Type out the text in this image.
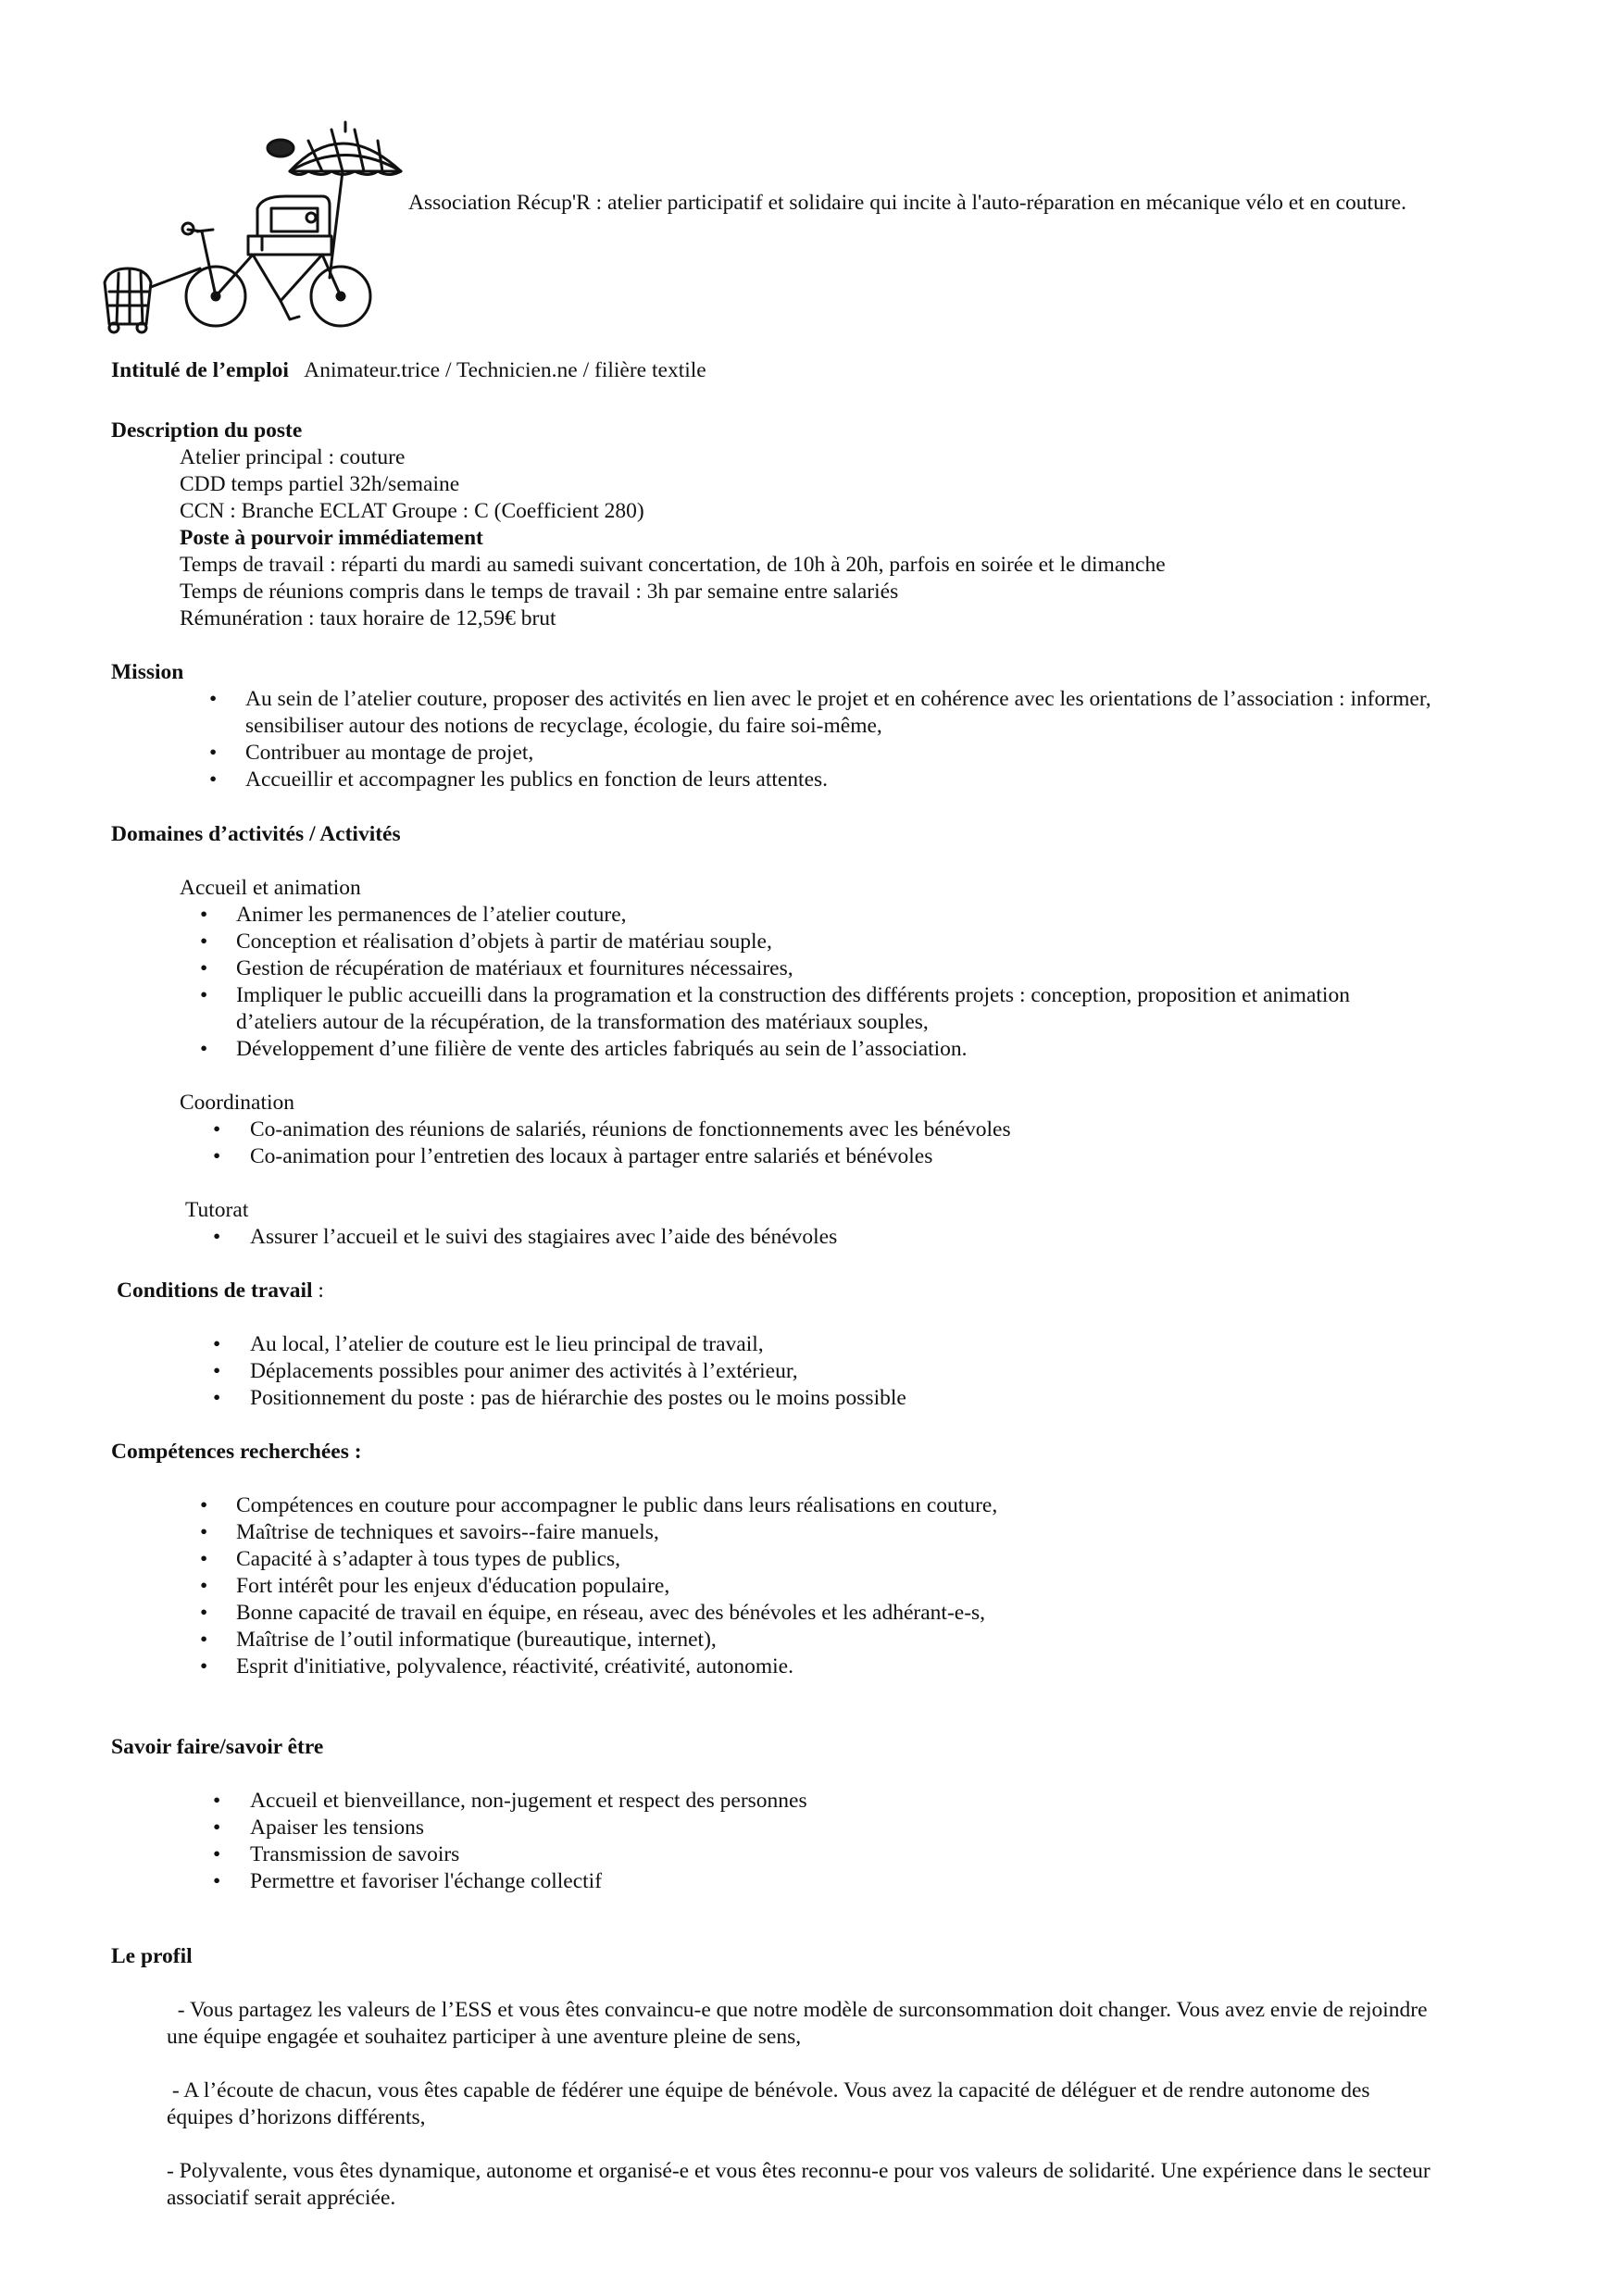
Association Récup'R : atelier participatif et solidaire qui incite à l'auto-réparation en mécanique vélo et en couture.
Intitulé de l’emploi Animateur.trice / Technicien.ne / filière textile
Description du poste
Atelier principal : couture
CDD temps partiel 32h/semaine
CCN : Branche ECLAT Groupe : C (Coefficient 280)
Poste à pourvoir immédiatement
Temps de travail : réparti du mardi au samedi suivant concertation, de 10h à 20h, parfois en soirée et le dimanche
Temps de réunions compris dans le temps de travail : 3h par semaine entre salariés
Rémunération : taux horaire de 12,59€ brut
Mission
• Au sein de l’atelier couture, proposer des activités en lien avec le projet et en cohérence avec les orientations de l’association : informer,
sensibiliser autour des notions de recyclage, écologie, du faire soi-même,
• Contribuer au montage de projet,
• Accueillir et accompagner les publics en fonction de leurs attentes.
Domaines d’activités / Activités
Accueil et animation
• Animer les permanences de l’atelier couture,
• Conception et réalisation d’objets à partir de matériau souple,
• Gestion de récupération de matériaux et fournitures nécessaires,
• Impliquer le public accueilli dans la programation et la construction des différents projets : conception, proposition et animation
d’ateliers autour de la récupération, de la transformation des matériaux souples,
• Développement d’une filière de vente des articles fabriqués au sein de l’association.
Coordination
• Co-animation des réunions de salariés, réunions de fonctionnements avec les bénévoles
• Co-animation pour l’entretien des locaux à partager entre salariés et bénévoles
Tutorat
• Assurer l’accueil et le suivi des stagiaires avec l’aide des bénévoles
Conditions de travail :
• Au local, l’atelier de couture est le lieu principal de travail,
• Déplacements possibles pour animer des activités à l’extérieur,
• Positionnement du poste : pas de hiérarchie des postes ou le moins possible
Compétences recherchées :
• Compétences en couture pour accompagner le public dans leurs réalisations en couture,
• Maîtrise de techniques et savoirs--faire manuels,
• Capacité à s’adapter à tous types de publics,
• Fort intérêt pour les enjeux d'éducation populaire,
• Bonne capacité de travail en équipe, en réseau, avec des bénévoles et les adhérant-e-s,
• Maîtrise de l’outil informatique (bureautique, internet),
• Esprit d'initiative, polyvalence, réactivité, créativité, autonomie.
Savoir faire/savoir être
• Accueil et bienveillance, non-jugement et respect des personnes
• Apaiser les tensions
• Transmission de savoirs
• Permettre et favoriser l'échange collectif
Le profil
- Vous partagez les valeurs de l’ESS et vous êtes convaincu-e que notre modèle de surconsommation doit changer. Vous avez envie de rejoindre
une équipe engagée et souhaitez participer à une aventure pleine de sens,
- A l’écoute de chacun, vous êtes capable de fédérer une équipe de bénévole. Vous avez la capacité de déléguer et de rendre autonome des
équipes d’horizons différents,
- Polyvalente, vous êtes dynamique, autonome et organisé-e et vous êtes reconnu-e pour vos valeurs de solidarité. Une expérience dans le secteur
associatif serait appréciée.
